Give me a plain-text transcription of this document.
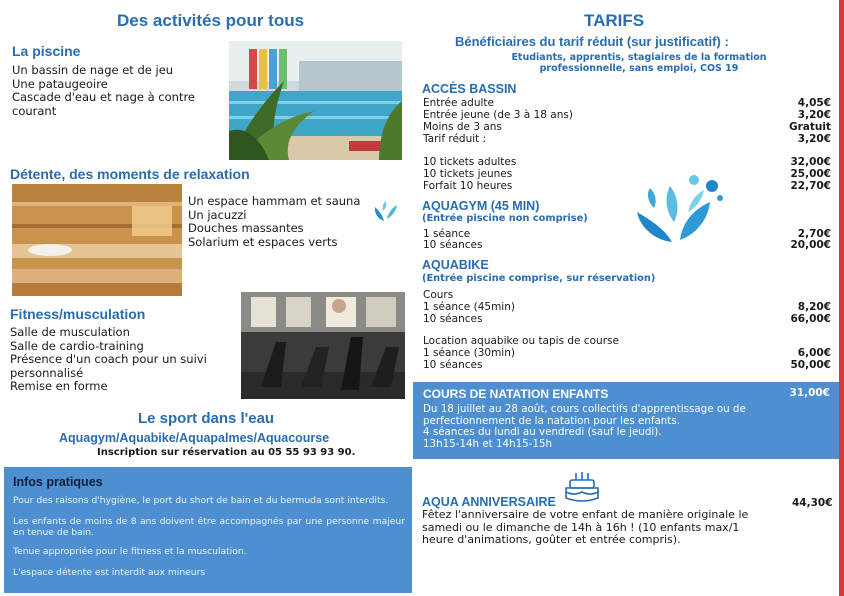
Des activités pour tous
La piscine
Un bassin de nage et de jeu
Une pataugeoire
Cascade d'eau et nage à contre
courant
Détente, des moments de relaxation
Un espace hammam et sauna
Un jacuzzi
Douches massantes
Solarium et espaces verts
Fitness/musculation
Salle de musculation
Salle de cardio-training
Présence d'un coach pour un suivi
personnalisé
Remise en forme
Le sport dans l'eau
Aquagym/Aquabike/Aquapalmes/Aquacourse
Inscription sur réservation au 05 55 93 93 90.
Infos pratiques
Pour des raisons d'hygiène, le port du short de bain et du bermuda sont interdits.
Les enfants de moins de 8 ans doivent être accompagnés par une personne majeur en tenue de bain.
Tenue appropriée pour le fitness et la musculation.
L'espace détente est interdit aux mineurs
TARIFS
Bénéficiaires du tarif réduit (sur justificatif) :
Etudiants, apprentis, stagiaires de la formation
professionnelle, sans emploi, COS 19
ACCÈS BASSIN
Entrée adulte	4,05€
Entrée jeune (de 3 à 18 ans)	3,20€
Moins de 3 ans	Gratuit
Tarif réduit :	3,20€
10 tickets adultes	32,00€
10 tickets jeunes	25,00€
Forfait 10 heures	22,70€
AQUAGYM (45 MIN)
(Entrée piscine non comprise)
1 séance	2,70€
10 séances	20,00€
AQUABIKE
(Entrée piscine comprise, sur réservation)
Cours
1 séance (45min)	8,20€
10 séances	66,00€
Location aquabike ou tapis de course
1 séance (30min)	6,00€
10 séances	50,00€
COURS DE NATATION ENFANTS	31,00€
Du 18 juillet au 28 août, cours collectifs d'apprentissage ou de
perfectionnement de la natation pour les enfants.
4 séances du lundi au vendredi (sauf le jeudi).
13h15-14h et 14h15-15h
AQUA ANNIVERSAIRE	44,30€
Fêtez l'anniversaire de votre enfant de manière originale le
samedi ou le dimanche de 14h à 16h ! (10 enfants max/1
heure d'animations, goûter et entrée compris).
